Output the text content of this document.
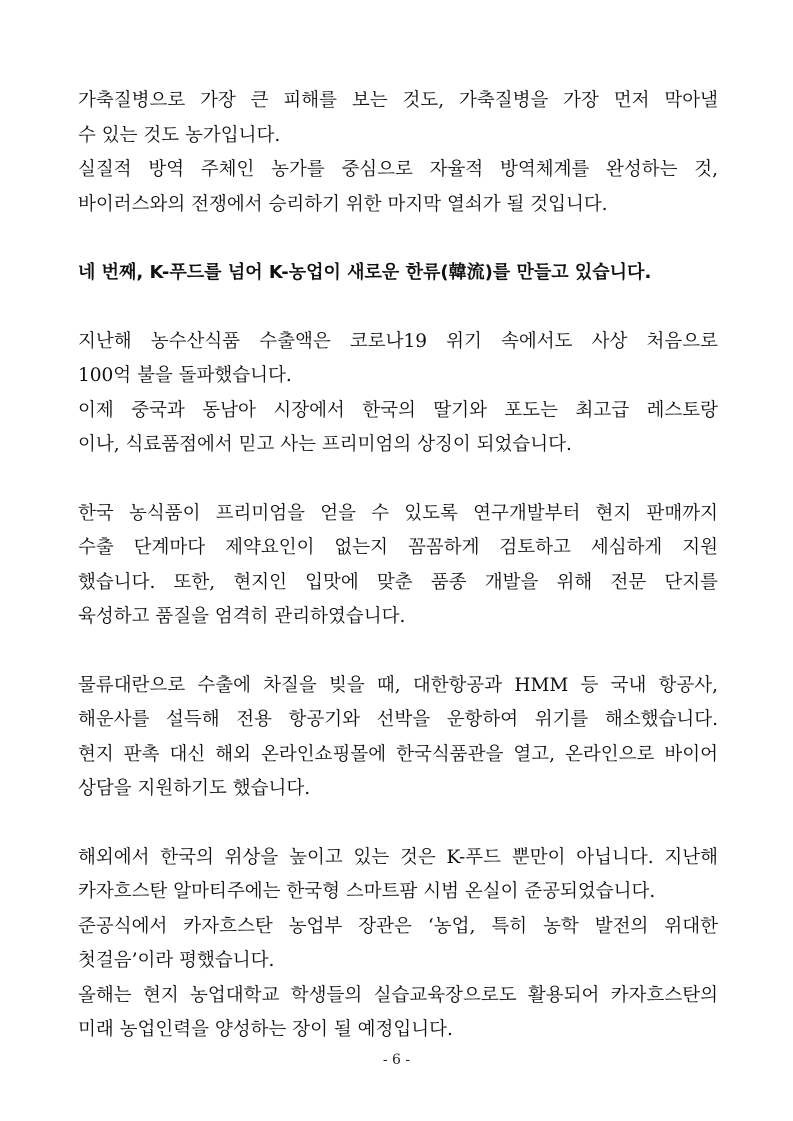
가축질병으로 가장 큰 피해를 보는 것도, 가축질병을 가장 먼저 막아낼
수 있는 것도 농가입니다.
실질적 방역 주체인 농가를 중심으로 자율적 방역체계를 완성하는 것,
바이러스와의 전쟁에서 승리하기 위한 마지막 열쇠가 될 것입니다.

네 번째, K-푸드를 넘어 K-농업이 새로운 한류(韓流)를 만들고 있습니다.

지난해 농수산식품 수출액은 코로나19 위기 속에서도 사상 처음으로
100억 불을 돌파했습니다.
이제 중국과 동남아 시장에서 한국의 딸기와 포도는 최고급 레스토랑
이나, 식료품점에서 믿고 사는 프리미엄의 상징이 되었습니다.

한국 농식품이 프리미엄을 얻을 수 있도록 연구개발부터 현지 판매까지
수출 단계마다 제약요인이 없는지 꼼꼼하게 검토하고 세심하게 지원
했습니다. 또한, 현지인 입맛에 맞춘 품종 개발을 위해 전문 단지를
육성하고 품질을 엄격히 관리하였습니다.

물류대란으로 수출에 차질을 빚을 때, 대한항공과 HMM 등 국내 항공사,
해운사를 설득해 전용 항공기와 선박을 운항하여 위기를 해소했습니다.
현지 판촉 대신 해외 온라인쇼핑몰에 한국식품관을 열고, 온라인으로 바이어
상담을 지원하기도 했습니다.

해외에서 한국의 위상을 높이고 있는 것은 K-푸드 뿐만이 아닙니다. 지난해
카자흐스탄 알마티주에는 한국형 스마트팜 시범 온실이 준공되었습니다.
준공식에서 카자흐스탄 농업부 장관은 ‘농업, 특히 농학 발전의 위대한
첫걸음’이라 평했습니다.
올해는 현지 농업대학교 학생들의 실습교육장으로도 활용되어 카자흐스탄의
미래 농업인력을 양성하는 장이 될 예정입니다.

- 6 -
